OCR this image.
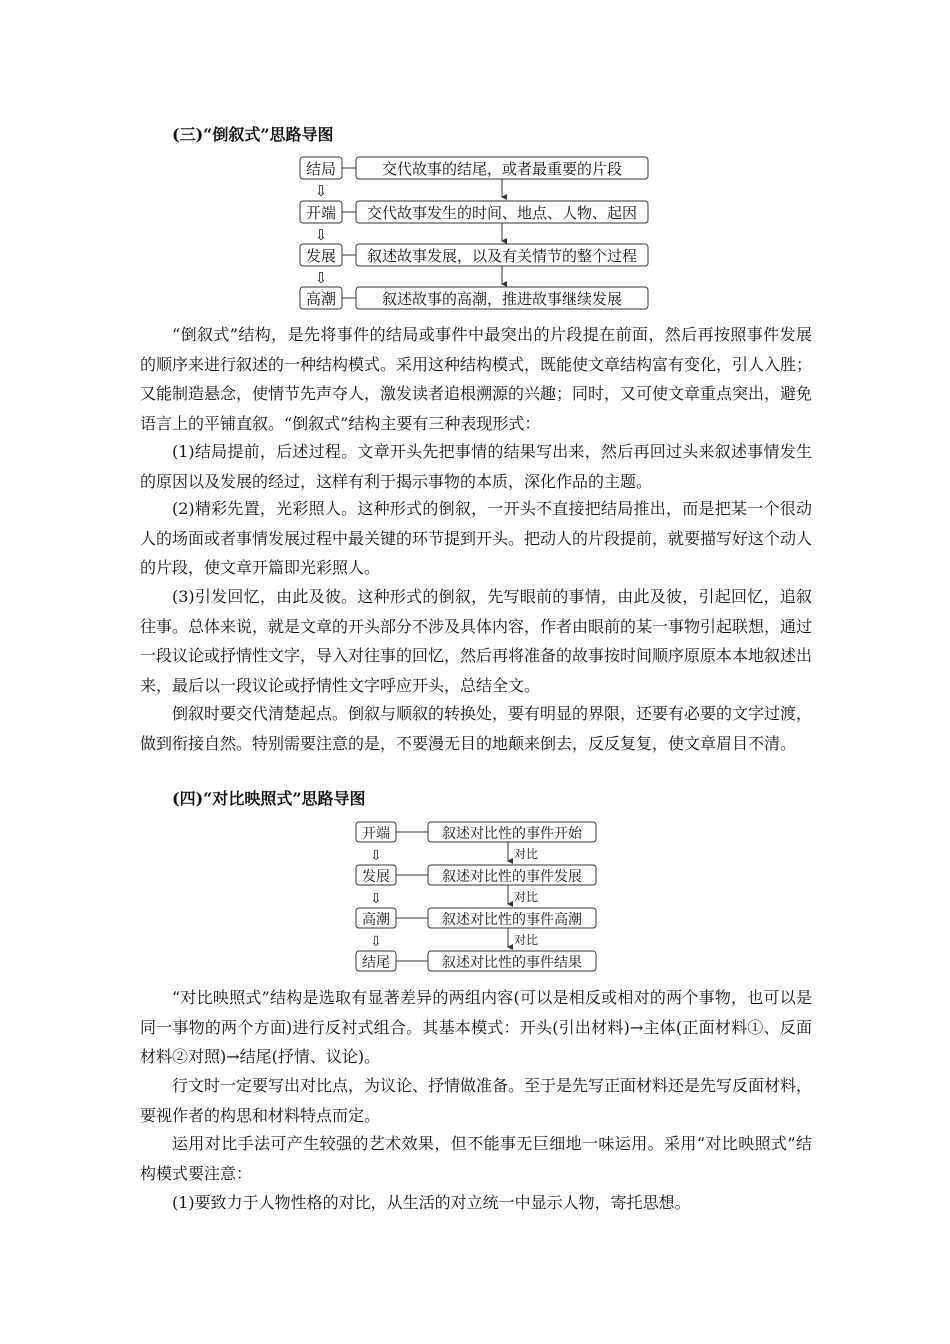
(三)“倒叙式”思路导图
结局	交代故事的结尾，或者最重要的片段
⇩
开端 交代故事发生的时间、地点、人物、起因
⇩
发展 叙述故事发展，以及有关情节的整个过程
⇩
高潮	叙述故事的高潮，推进故事继续发展
开端	叙述对比性的事件开始
⇩	对比
发展	叙述对比性的事件发展
⇩	对比
高潮	叙述对比性的事件高潮
⇩	对比
结尾	叙述对比性的事件结果

“倒叙式”结构，是先将事件的结局或事件中最突出的片段提在前面，然后再按照事件发展的顺序来进行叙述的一种结构模式。采用这种结构模式，既能使文章结构富有变化，引人入胜；又能制造悬念，使情节先声夺人，激发读者追根溯源的兴趣；同时，又可使文章重点突出，避免语言上的平铺直叙。“倒叙式”结构主要有三种表现形式：

(1)结局提前，后述过程。文章开头先把事情的结果写出来，然后再回过头来叙述事情发生的原因以及发展的经过，这样有利于揭示事物的本质，深化作品的主题。

(2)精彩先置，光彩照人。这种形式的倒叙，一开头不直接把结局推出，而是把某一个很动人的场面或者事情发展过程中最关键的环节提到开头。把动人的片段提前，就要描写好这个动人的片段，使文章开篇即光彩照人。

(3)引发回忆，由此及彼。这种形式的倒叙，先写眼前的事情，由此及彼，引起回忆，追叙往事。总体来说，就是文章的开头部分不涉及具体内容，作者由眼前的某一事物引起联想，通过一段议论或抒情性文字，导入对往事的回忆，然后再将准备的故事按时间顺序原原本本地叙述出来，最后以一段议论或抒情性文字呼应开头，总结全文。

倒叙时要交代清楚起点。倒叙与顺叙的转换处，要有明显的界限，还要有必要的文字过渡，做到衔接自然。特别需要注意的是，不要漫无目的地颠来倒去，反反复复，使文章眉目不清。

(四)“对比映照式”思路导图

“对比映照式”结构是选取有显著差异的两组内容(可以是相反或相对的两个事物，也可以是同一事物的两个方面)进行反衬式组合。其基本模式：开头(引出材料)→主体(正面材料①、反面材料②对照)→结尾(抒情、议论)。

行文时一定要写出对比点，为议论、抒情做准备。至于是先写正面材料还是先写反面材料，要视作者的构思和材料特点而定。

运用对比手法可产生较强的艺术效果，但不能事无巨细地一味运用。采用“对比映照式”结构模式要注意：

(1)要致力于人物性格的对比，从生活的对立统一中显示人物，寄托思想。
